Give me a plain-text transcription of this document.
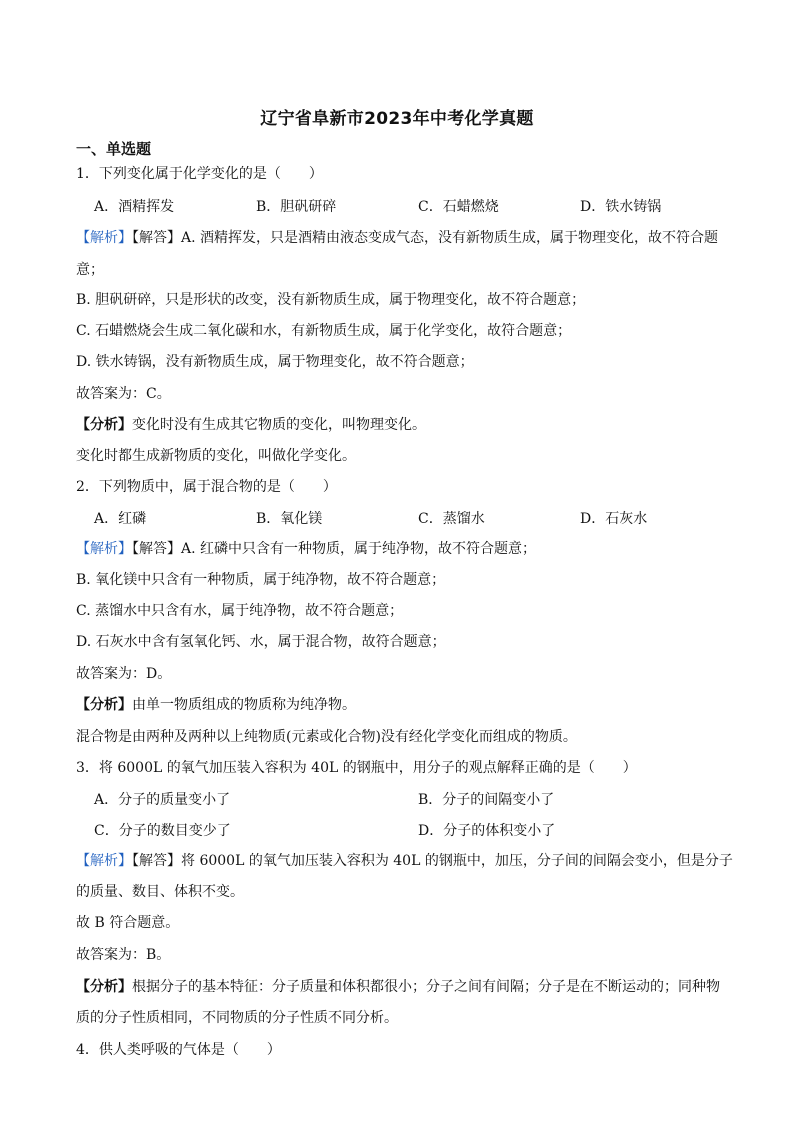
辽宁省阜新市2023年中考化学真题
一、单选题
1．下列变化属于化学变化的是（　　）
A．酒精挥发	B．胆矾研碎	C．石蜡燃烧	D．铁水铸锅
【解析】【解答】A. 酒精挥发，只是酒精由液态变成气态，没有新物质生成，属于物理变化，故不符合题
意；
B. 胆矾研碎，只是形状的改变，没有新物质生成，属于物理变化，故不符合题意；
C. 石蜡燃烧会生成二氧化碳和水，有新物质生成，属于化学变化，故符合题意；
D. 铁水铸锅，没有新物质生成，属于物理变化，故不符合题意；
故答案为：C。
【分析】变化时没有生成其它物质的变化，叫物理变化。
变化时都生成新物质的变化，叫做化学变化。
2．下列物质中，属于混合物的是（　　）
A．红磷	B．氧化镁	C．蒸馏水	D．石灰水
【解析】【解答】A. 红磷中只含有一种物质，属于纯净物，故不符合题意；
B. 氧化镁中只含有一种物质，属于纯净物，故不符合题意；
C. 蒸馏水中只含有水，属于纯净物，故不符合题意；
D. 石灰水中含有氢氧化钙、水，属于混合物，故符合题意；
故答案为：D。
【分析】由单一物质组成的物质称为纯净物。
混合物是由两种及两种以上纯物质(元素或化合物)没有经化学变化而组成的物质。
3．将 6000L 的氧气加压装入容积为 40L 的钢瓶中，用分子的观点解释正确的是（　　）
A．分子的质量变小了	B．分子的间隔变小了
C．分子的数目变少了	D．分子的体积变小了
【解析】【解答】将 6000L 的氧气加压装入容积为 40L 的钢瓶中，加压，分子间的间隔会变小，但是分子
的质量、数目、体积不变。
故 B 符合题意。
故答案为：B。
【分析】根据分子的基本特征：分子质量和体积都很小；分子之间有间隔；分子是在不断运动的；同种物
质的分子性质相同，不同物质的分子性质不同分析。
4．供人类呼吸的气体是（　　）
